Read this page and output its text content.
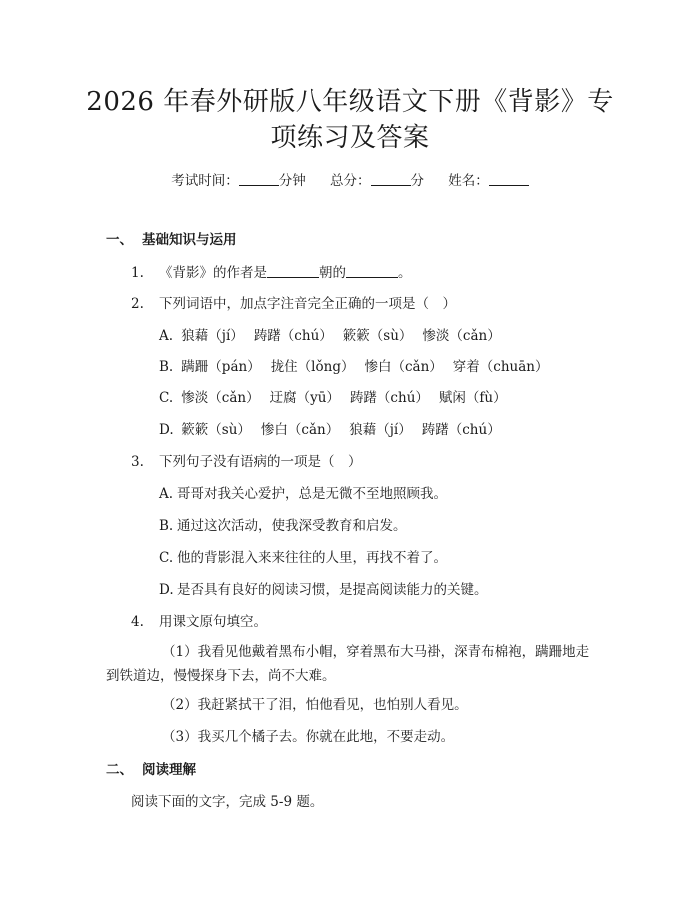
2026 年春外研版八年级语文下册《背影》专
项练习及答案
考试时间：	分钟 总分：	分 姓名：
一、 基础知识与运用
1. 《背影》的作者是	朝的	。
2. 下列词语中，加点字注音完全正确的一项是（　）
A. 狼藉（jí） 踌躇（chú） 簌簌（sù） 惨淡（cǎn）
B. 蹒跚（pán） 拢住（lǒng） 惨白（cǎn） 穿着（chuān）
C. 惨淡（cǎn） 迂腐（yū） 踌躇（chú） 赋闲（fù）
D. 簌簌（sù） 惨白（cǎn） 狼藉（jí） 踌躇（chú）
3. 下列句子没有语病的一项是（　）
A. 哥哥对我关心爱护，总是无微不至地照顾我。
B. 通过这次活动，使我深受教育和启发。
C. 他的背影混入来来往往的人里，再找不着了。
D. 是否具有良好的阅读习惯，是提高阅读能力的关键。
4. 用课文原句填空。
（1）我看见他戴着黑布小帽，穿着黑布大马褂，深青布棉袍，蹒跚地走到铁道边，慢慢探身下去，尚不大难。
（2）我赶紧拭干了泪，怕他看见，也怕别人看见。
（3）我买几个橘子去。你就在此地，不要走动。
二、 阅读理解
阅读下面的文字，完成 5-9 题。
